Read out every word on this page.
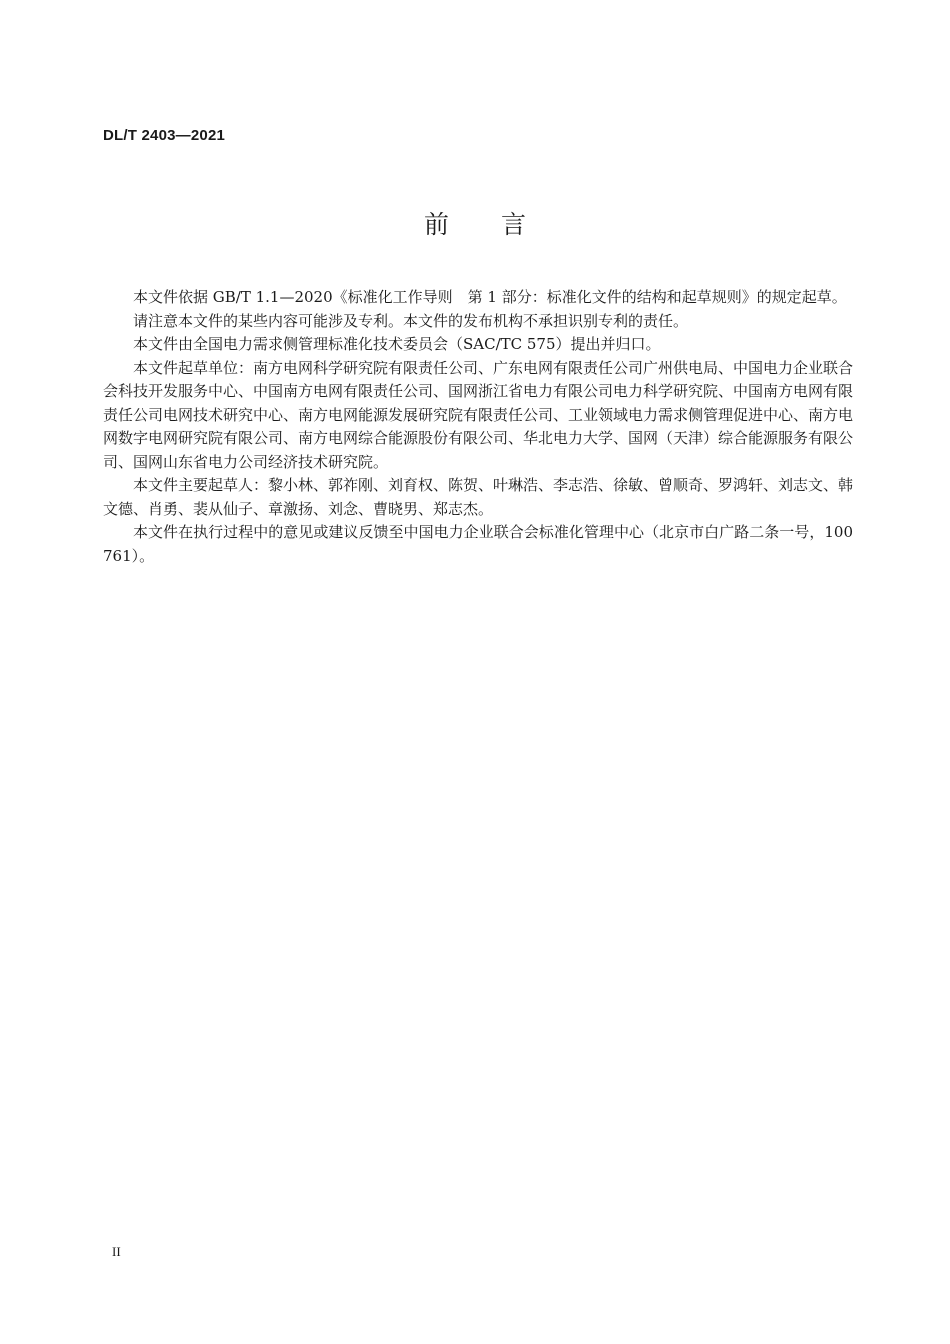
DL/T 2403—2021
前言

本文件依据 GB/T 1.1—2020《标准化工作导则　第 1 部分：标准化文件的结构和起草规则》的规定起草。

请注意本文件的某些内容可能涉及专利。本文件的发布机构不承担识别专利的责任。

本文件由全国电力需求侧管理标准化技术委员会（SAC/TC 575）提出并归口。

本文件起草单位：南方电网科学研究院有限责任公司、广东电网有限责任公司广州供电局、中国电力企业联合会科技开发服务中心、中国南方电网有限责任公司、国网浙江省电力有限公司电力科学研究院、中国南方电网有限责任公司电网技术研究中心、南方电网能源发展研究院有限责任公司、工业领域电力需求侧管理促进中心、南方电网数字电网研究院有限公司、南方电网综合能源股份有限公司、华北电力大学、国网（天津）综合能源服务有限公司、国网山东省电力公司经济技术研究院。

本文件主要起草人：黎小林、郭祚刚、刘育权、陈贺、叶琳浩、李志浩、徐敏、曾顺奇、罗鸿轩、刘志文、韩文德、肖勇、裴从仙子、章激扬、刘念、曹晓男、郑志杰。

本文件在执行过程中的意见或建议反馈至中国电力企业联合会标准化管理中心（北京市白广路二条一号，100761）。

II
